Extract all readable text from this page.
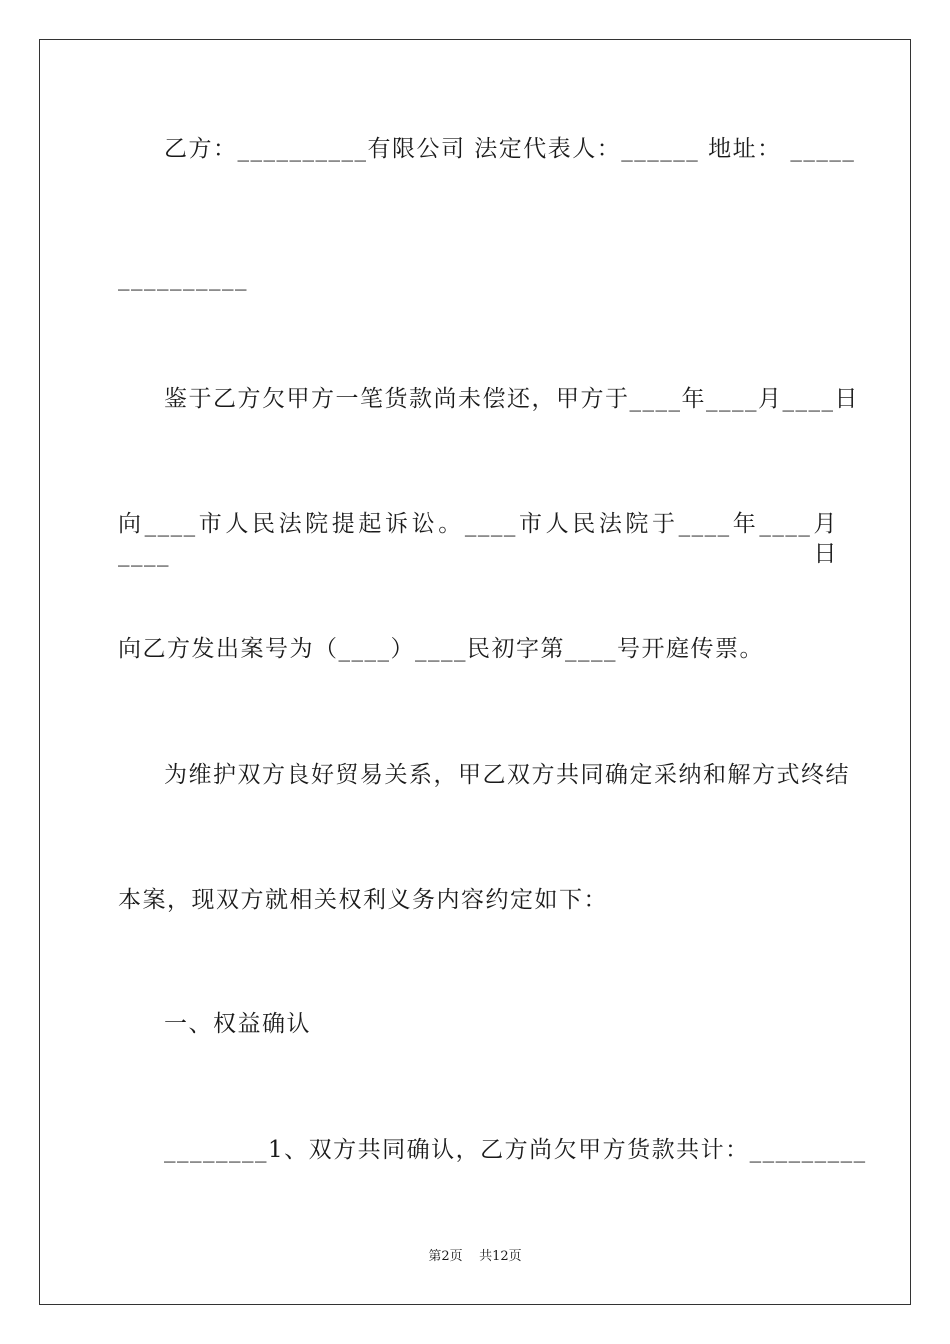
乙方：__________有限公司 法定代表人：______ 地址： _____
__________
鉴于乙方欠甲方一笔货款尚未偿还，甲方于____年____月____日
向____市人民法院提起诉讼。____市人民法院于____年____月____日
向乙方发出案号为（____）____民初字第____号开庭传票。
为维护双方良好贸易关系，甲乙双方共同确定采纳和解方式终结
本案，现双方就相关权利义务内容约定如下：
一、权益确认
________1、双方共同确认，乙方尚欠甲方货款共计：_________
第2页    共12页
